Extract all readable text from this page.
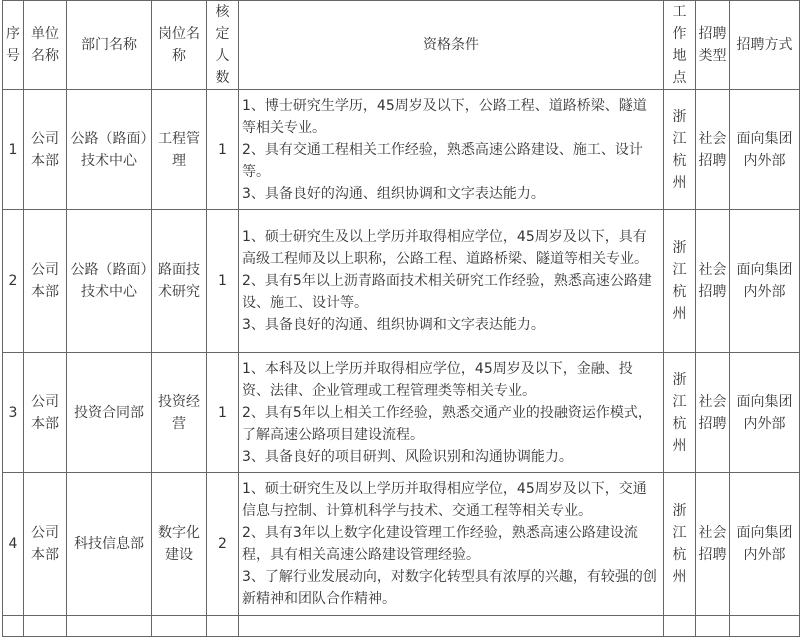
序号	单位名称	部门名称	岗位名称	核定人数	资格条件	工作地点	招聘类型	招聘方式
1	公司本部	公路（路面）技术中心	工程管理	1	1、博士研究生学历，45周岁及以下，公路工程、道路桥梁、隧道等相关专业。
2、具有交通工程相关工作经验，熟悉高速公路建设、施工、设计等。
3、具备良好的沟通、组织协调和文字表达能力。	浙江杭州	社会招聘	面向集团内外部
2	公司本部	公路（路面）技术中心	路面技术研究	1	1、硕士研究生及以上学历并取得相应学位，45周岁及以下，具有高级工程师及以上职称，公路工程、道路桥梁、隧道等相关专业。
2、具有5年以上沥青路面技术相关研究工作经验，熟悉高速公路建设、施工、设计等。
3、具备良好的沟通、组织协调和文字表达能力。	浙江杭州	社会招聘	面向集团内外部
3	公司本部	投资合同部	投资经营	1	1、本科及以上学历并取得相应学位，45周岁及以下，金融、投资、法律、企业管理或工程管理类等相关专业。
2、具有5年以上相关工作经验，熟悉交通产业的投融资运作模式，了解高速公路项目建设流程。
3、具备良好的项目研判、风险识别和沟通协调能力。	浙江杭州	社会招聘	面向集团内外部
4	公司本部	科技信息部	数字化建设	2	1、硕士研究生及以上学历并取得相应学位，45周岁及以下，交通信息与控制、计算机科学与技术、交通工程等相关专业。
2、具有3年以上数字化建设管理工作经验，熟悉高速公路建设流程，具有相关高速公路建设管理经验。
3、了解行业发展动向，对数字化转型具有浓厚的兴趣，有较强的创新精神和团队合作精神。	浙江杭州	社会招聘	面向集团内外部
